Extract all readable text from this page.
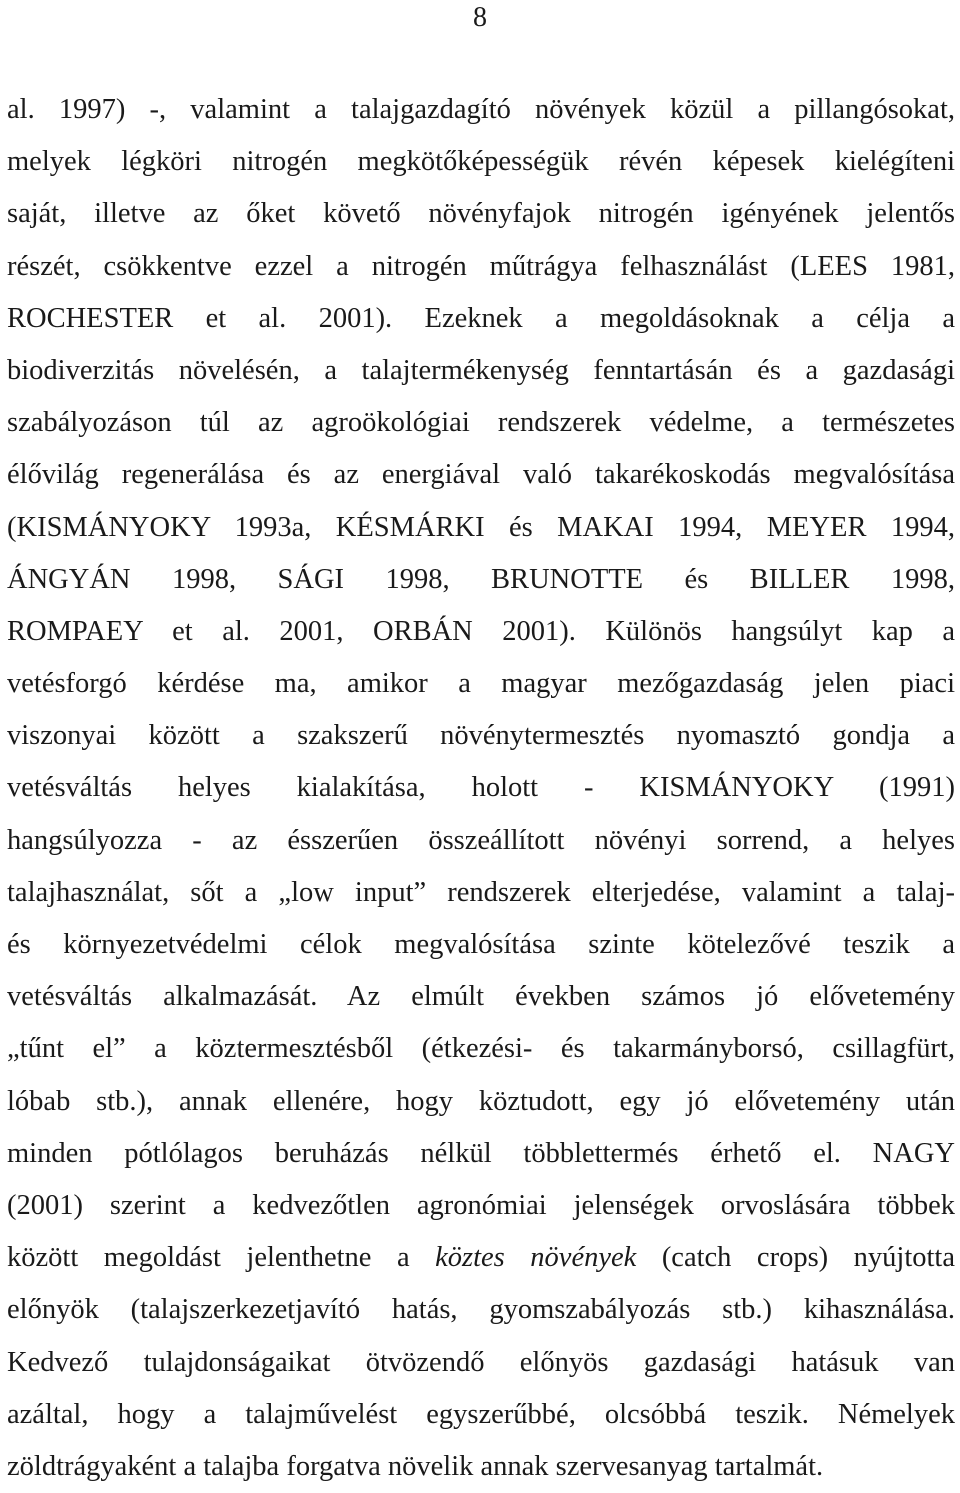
8
al. 1997) -, valamint a talajgazdagító növények közül a pillangósokat,
melyek légköri nitrogén megkötőképességük révén képesek kielégíteni
saját, illetve az őket követő növényfajok nitrogén igényének jelentős
részét, csökkentve ezzel a nitrogén műtrágya felhasználást (LEES 1981,
ROCHESTER et al. 2001). Ezeknek a megoldásoknak a célja a
biodiverzitás növelésén, a talajtermékenység fenntartásán és a gazdasági
szabályozáson túl az agroökológiai rendszerek védelme, a természetes
élővilág regenerálása és az energiával való takarékoskodás megvalósítása
(KISMÁNYOKY 1993a, KÉSMÁRKI és MAKAI 1994, MEYER 1994,
ÁNGYÁN 1998, SÁGI 1998, BRUNOTTE és BILLER 1998,
ROMPAEY et al. 2001, ORBÁN 2001). Különös hangsúlyt kap a
vetésforgó kérdése ma, amikor a magyar mezőgazdaság jelen piaci
viszonyai között a szakszerű növénytermesztés nyomasztó gondja a
vetésváltás helyes kialakítása, holott - KISMÁNYOKY (1991)
hangsúlyozza - az ésszerűen összeállított növényi sorrend, a helyes
talajhasználat, sőt a „low input” rendszerek elterjedése, valamint a talaj-
és környezetvédelmi célok megvalósítása szinte kötelezővé teszik a
vetésváltás alkalmazását. Az elmúlt években számos jó elővetemény
„tűnt el” a köztermesztésből (étkezési- és takarmányborsó, csillagfürt,
lóbab stb.), annak ellenére, hogy köztudott, egy jó elővetemény után
minden pótlólagos beruházás nélkül többlettermés érhető el. NAGY
(2001) szerint a kedvezőtlen agronómiai jelenségek orvoslására többek
között megoldást jelenthetne a köztes növények (catch crops) nyújtotta
előnyök (talajszerkezetjavító hatás, gyomszabályozás stb.) kihasználása.
Kedvező tulajdonságaikat ötvözendő előnyös gazdasági hatásuk van
azáltal, hogy a talajművelést egyszerűbbé, olcsóbbá teszik. Némelyek
zöldtrágyaként a talajba forgatva növelik annak szervesanyag tartalmát.
